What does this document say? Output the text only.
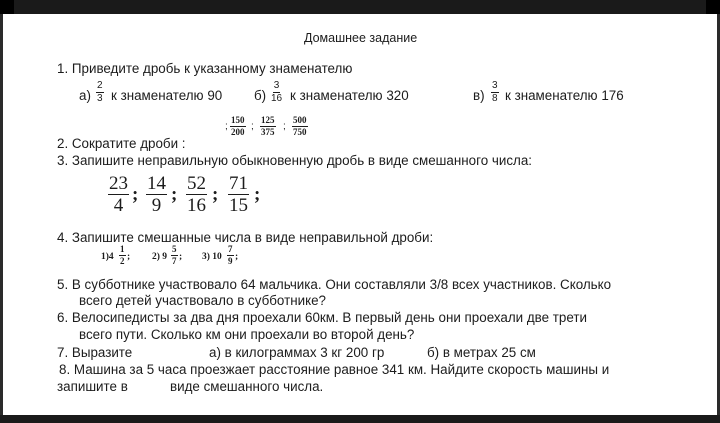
Домашнее задание
1. Приведите дробь к указанному знаменателю
$а) \frac{2}{3}$ к знаменателю 90 $б) \frac{3}{16}$ к знаменателю 320	$в) \frac{3}{8}$ к знаменателю 176
; $\frac{150}{200}$ ; $\frac{125}{375}$ ; $\frac{500}{750}$
2. Сократите дроби :
3. Запишите неправильную обыкновенную дробь в виде смешанного числа:
$\frac{23}{4}$ ; $\frac{14}{9}$ ; $\frac{52}{16}$ ; $\frac{71}{15}$ ;
4. Запишите смешанные числа в виде неправильной дроби:
$1)4 \frac{1}{2}$ ; 2) $9 \frac{5}{7}$ ; 3) $10 \frac{7}{9}$ ;
5. В субботнике участвовало 64 мальчика. Они составляли 3/8 всех участников. Сколько
всего детей участвовало в субботнике?
6. Велосипедисты за два дня проехали 60км. В первый день они проехали две трети
всего пути. Сколько км они проехали во второй день?
7. Выразите	а) в килограммах 3 кг 200 гр	б) в метрах 25 см
8. Машина за 5 часа проезжает расстояние равное 341 км. Найдите скорость машины и
запишите в	виде смешанного числа.
